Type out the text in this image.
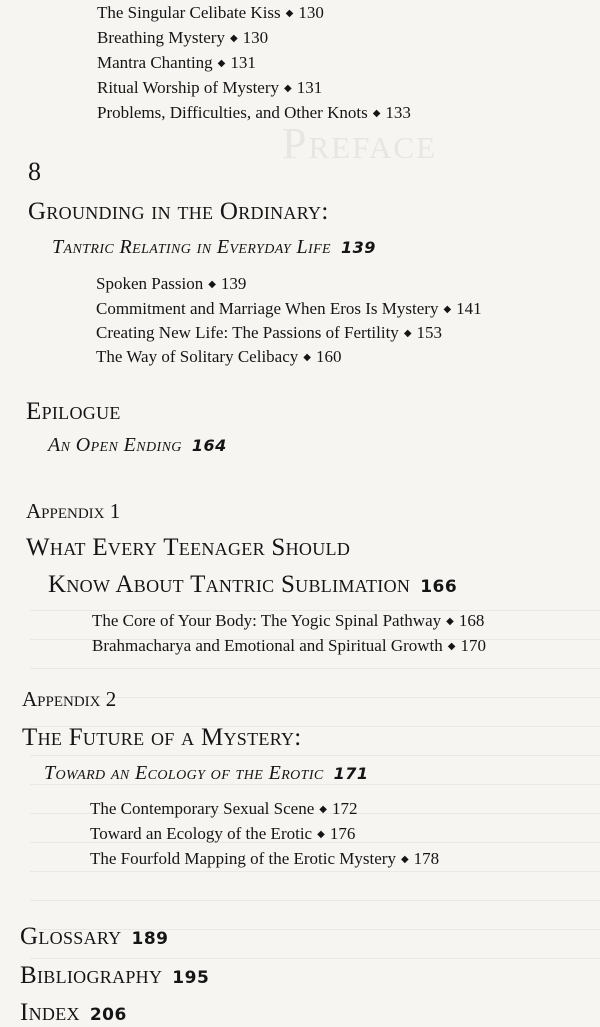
Preface
The Singular Celibate Kiss ◆ 130
Breathing Mystery ◆ 130
Mantra Chanting ◆ 131
Ritual Worship of Mystery ◆ 131
Problems, Difficulties, and Other Knots ◆ 133
8
Grounding in the Ordinary:
Tantric Relating in Everyday Life 139
Spoken Passion ◆ 139
Commitment and Marriage When Eros Is Mystery ◆ 141
Creating New Life: The Passions of Fertility ◆ 153
The Way of Solitary Celibacy ◆ 160
Epilogue
An Open Ending 164
Appendix 1
What Every Teenager Should
Know About Tantric Sublimation 166
The Core of Your Body: The Yogic Spinal Pathway ◆ 168
Brahmacharya and Emotional and Spiritual Growth ◆ 170
Appendix 2
The Future of a Mystery:
Toward an Ecology of the Erotic 171
The Contemporary Sexual Scene ◆ 172
Toward an Ecology of the Erotic ◆ 176
The Fourfold Mapping of the Erotic Mystery ◆ 178
Glossary 189
Bibliography 195
Index 206
